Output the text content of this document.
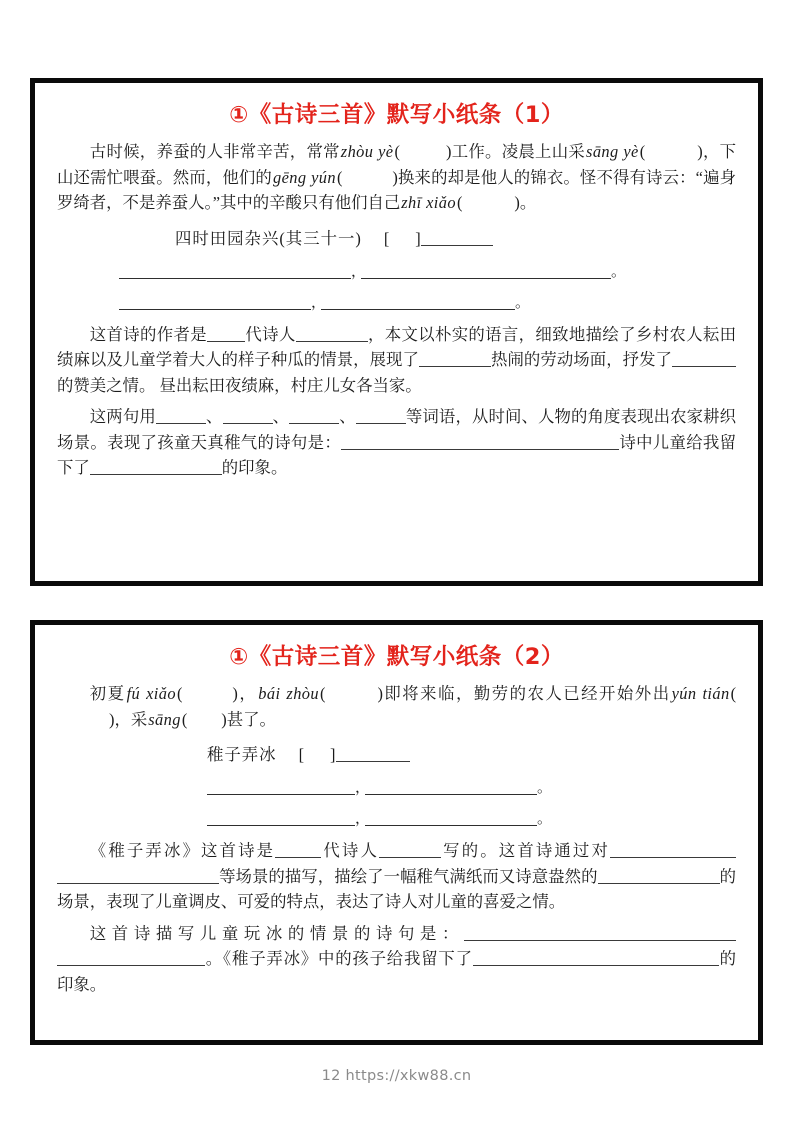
①《古诗三首》默写小纸条（1）

古时候，养蚕的人非常辛苦，常常zhòu yè (  )	工作。凌晨上山采sāng yè (  )	，下山还需忙喂蚕。然而，他们的gēng yún (  )	换来的却是他人的锦衣。怪不得有诗云：“遍身罗绮者，不是养蚕人。”其中的辛酸只有他们自己zhī xiǎo (  )	。

四时田园杂兴(其三十一) [ ]
，	。
，	。

这首诗的作者是 代诗人	，本文以朴实的语言，细致地描绘了乡村农人耘田绩麻以及儿童学着大人的样子种瓜的情景，展现了	热闹的劳动场面，抒发了的赞美之情。 昼出耘田夜绩麻，村庄儿女各当家。

这两句用	、	、	、	等词语，从时间、人物的角度表现出农家耕织场景。表现了孩童天真稚气的诗句是：	诗中儿童给我留下了	的印象。

①《古诗三首》默写小纸条（2）

初夏fú xiǎo (  )	，bái zhòu (  )	即将来临，勤劳的农人已经开始外出yún tián(  )，采sāng (  )	甚了。

稚子弄冰 [ ]
，	。
，	。

《稚子弄冰》这首诗是	代诗人	写的。这首诗通过对等场景的描写，描绘了一幅稚气满纸而又诗意盎然的	的场景，表现了儿童调皮、可爱的特点，表达了诗人对儿童的喜爱之情。

这首诗描写儿童玩冰的情景的诗句是：。《稚子弄冰》中的孩子给我留下了	的印象。

12 https://xkw88.cn
